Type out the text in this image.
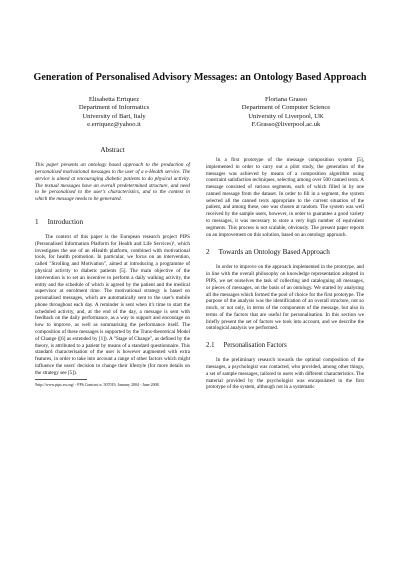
Generation of Personalised Advisory Messages: an Ontology Based Approach
Elisabetta Erriquez
Department of Informatics
University of Bari, Italy
e.erriquez@yahoo.it
Floriana Grasso
Department of Computer Science
University of Liverpool, UK
F.Grasso@liverpool.ac.uk
Abstract

This paper presents an ontology based approach to the production of personalised motivational messages to the user of a e-Health service. The service is aimed at encouraging diabetic patients to do physical activity. The textual messages have an overall predetermined structure, and need to be personalised to the user's characteristics, and to the context in which the message needs to be generated.

1 Introduction

The context of this paper is the European research project PIPS (Personalised Information Platform for Health and Life Services)¹, which investigates the use of an eHealth platform, combined with motivational tools, for health promotion. In particular, we focus on an intervention, called "Strolling and Motivation", aimed at introducing a programme of physical activity to diabetic patients [5]. The main objective of the intervention is to set an incentive to perform a daily walking activity, the entity and the schedule of which is agreed by the patient and the medical supervisor at enrolment time. The motivational strategy is based on personalised messages, which are automatically sent to the user's mobile phone throughout each day. A reminder is sent when it's time to start the scheduled activity, and, at the end of the day, a message is sent with feedback on the daily performance, as a way to support and encourage on how to improve, as well as summarising the performance itself. The composition of these messages is supported by the Trans-theoretical Model of Change ([6] as extended by [1]). A "Stage of Change", as defined by the theory, is attributed to a patient by means of a standard questionnaire. This standard characterisation of the user is however augmented with extra features, in order to take into account a range of other factors which might influence the users' decision to change their lifestyle (for more details on the strategy see [5]).

¹http://www.pips.eu.org/ - FP6 Contract n. 507019, January 2004 - June 2008.

In a first prototype of the message composition system [5], implemented in order to carry out a pilot study, the generation of the messages was achieved by means of a composition algorithm using constraint satisfaction techniques, selecting among over 500 canned texts. A message consisted of various segments, each of which filled in by one canned message from the dataset. In order to fill in a segment, the system selected all the canned texts appropriate to the current situation of the patient, and among these, one was chosen at random. The system was well received by the sample users, however, in order to guarantee a good variety to messages, it was necessary to store a very high number of equivalent segments. This process is not scalable, obviously. The present paper reports on an improvement on this solution, based on an ontology approach.

2 Towards an Ontology Based Approach

In order to improve on the approach implemented in the prototype, and in line with the overall philosophy on knowledge representation adopted in PIPS, we set ourselves the task of collecting and cataloguing all messages, or pieces of messages, on the basis of an ontology. We started by analysing all the messages which formed the pool of choice for the first prototype. The purpose of the analysis was the identification of an overall structure, not so much, or not only, in terms of the components of the message, but also in terms of the factors that are useful for personalisation. In this section we briefly present the set of factors we took into account, and we describe the ontological analysis we performed.

2.1 Personalisation Factors

In the preliminary research towards the optimal composition of the messages, a psychologist was contacted, who provided, among other things, a set of sample messages, tailored to users with different characteristics. The material provided by the psychologist was encapsulated in the first prototype of the system, although not in a systematic
